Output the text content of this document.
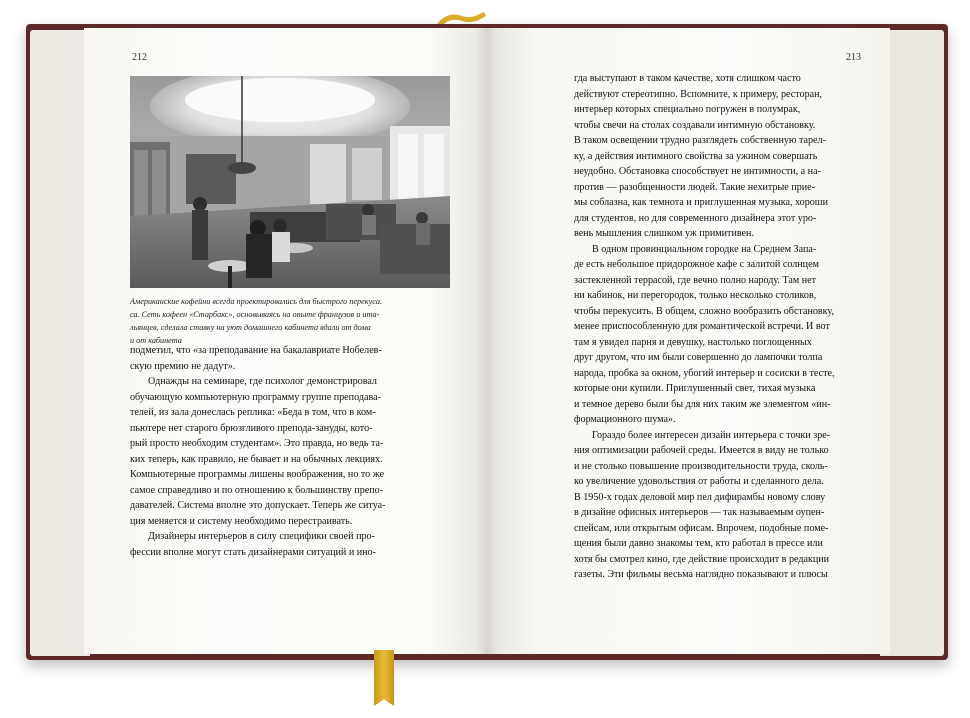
212	213
Американские кофейни всегда проектировались для быстрого перекусa.
са. Сеть кофеен «Старбакс», основываясь на опыте французов и ита-
льянцев, сделала ставку на уют домашнего кабинета вдали от дома
и от кабинета
подметил, что «за преподавание на бакалавриате Нобелев-
скую премию не дадут».
Однажды на семинаре, где психолог демонстрировал
обучающую компьютерную программу группе преподава-
телей, из зала донеслась реплика: «Беда в том, что в ком-
пьютере нет старого брюзгливого препода-зануды, кото-
рый просто необходим студентам». Это правда, но ведь та-
ких теперь, как правило, не бывает и на обычных лекциях.
Компьютерные программы лишены воображения, но то же
самое справедливо и по отношению к большинству препо-
давателей. Система вполне это допускает. Теперь же ситуа-
ция меняется и систему необходимо перестраивать.
Дизайнеры интерьеров в силу специфики своей про-
фессии вполне могут стать дизайнерами ситуаций и ино-
гда выступают в таком качестве, хотя слишком часто
действуют стереотипно. Вспомните, к примеру, ресторан,
интерьер которых специально погружен в полумрак,
чтобы свечи на столах создавали интимную обстановку.
В таком освещении трудно разглядеть собственную тарел-
ку, а действия интимного свойства за ужином совершать
неудобно. Обстановка способствует не интимности, а на-
против — разобщенности людей. Такие нехитрые прие-
мы соблазна, как темнота и приглушенная музыка, хороши
для студентов, но для современного дизайнера этот уро-
вень мышления слишком уж примитивен.
В одном провинциальном городке на Среднем Запа-
де есть небольшое придорожное кафе с залитой солнцем
застекленной террасой, где вечно полно народу. Там нет
ни кабинок, ни перегородок, только несколько столиков,
чтобы перекусить. В общем, сложно вообразить обстановку,
менее приспособленную для романтической встречи. И вот
там я увидел парня и девушку, настолько поглощенных
друг другом, что им были совершенно до лампочки толпа
народа, пробка за окном, убогий интерьер и сосиски в тесте,
которые они купили. Приглушенный свет, тихая музыка
и темное дерево были бы для них таким же элементом «ин-
формационного шума».
Гораздо более интересен дизайн интерьера с точки зре-
ния оптимизации рабочей среды. Имеется в виду не только
и не столько повышение производительности труда, сколь-
ко увеличение удовольствия от работы и сделанного дела.
В 1950-х годах деловой мир пел дифирамбы новому слову
в дизайне офисных интерьеров — так называемым оупен-
спейсам, или открытым офисам. Впрочем, подобные поме-
щения были давно знакомы тем, кто работал в прессе или
хотя бы смотрел кино, где действие происходит в редакции
газеты. Эти фильмы весьма наглядно показывают и плюсы
